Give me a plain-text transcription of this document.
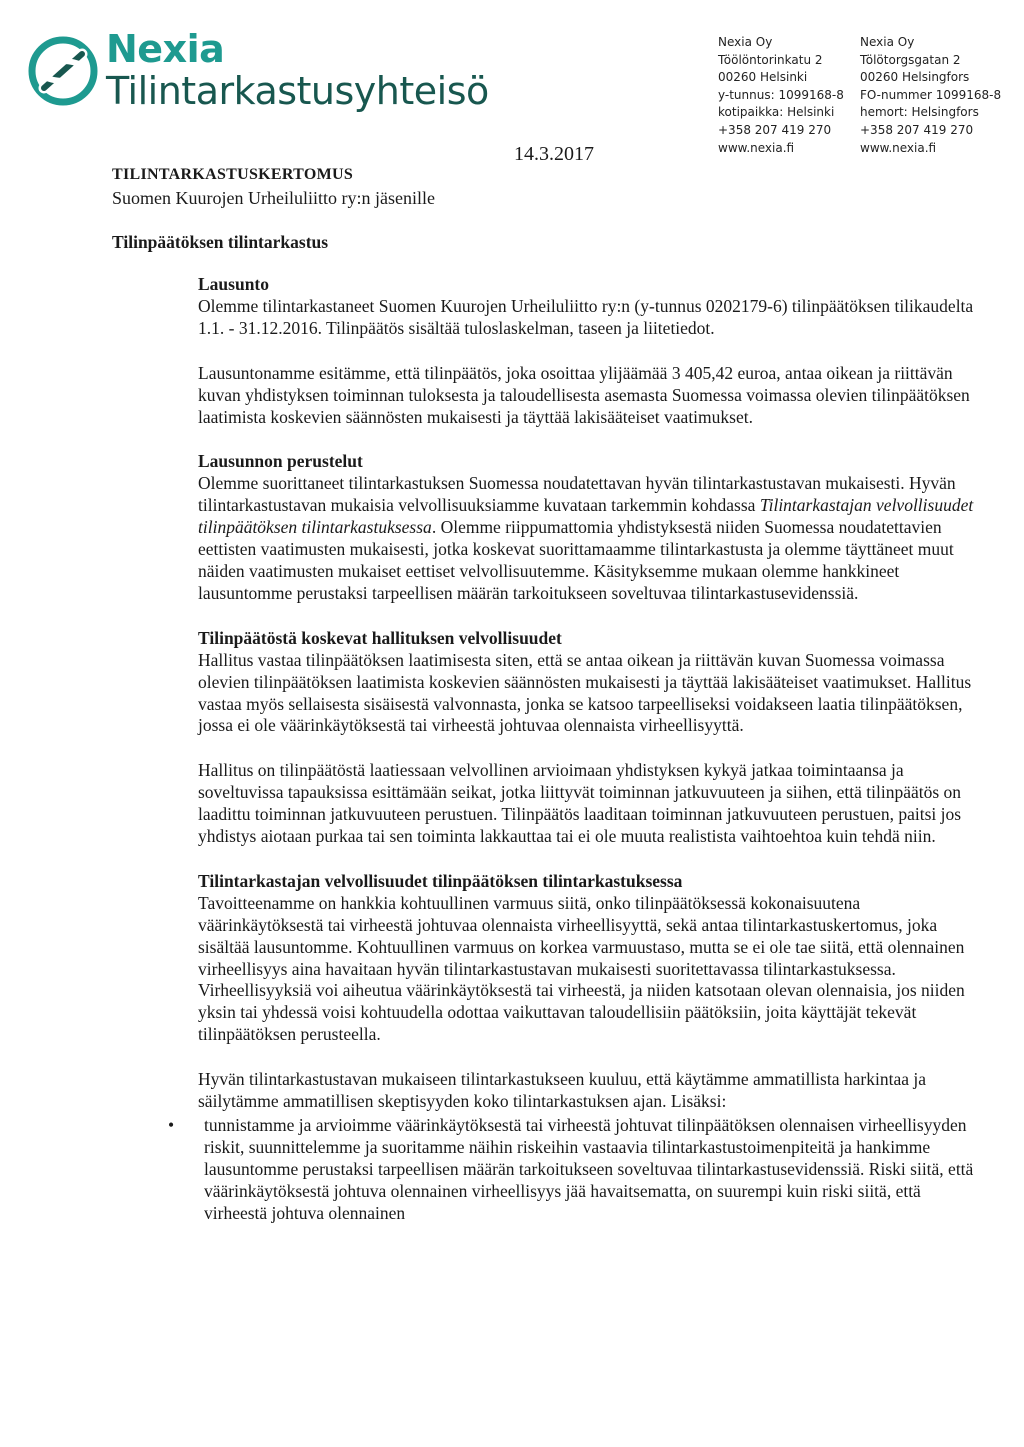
Nexia
Tilintarkastusyhteisö
Nexia Oy
Töölöntorinkatu 2
00260 Helsinki
y-tunnus: 1099168-8
kotipaikka: Helsinki
+358 207 419 270
www.nexia.fi
Nexia Oy
Tölötorgsgatan 2
00260 Helsingfors
FO-nummer 1099168-8
hemort: Helsingfors
+358 207 419 270
www.nexia.fi
14.3.2017
TILINTARKASTUSKERTOMUS
Suomen Kuurojen Urheiluliitto ry:n jäsenille
Tilinpäätöksen tilintarkastus
Lausunto

Olemme tilintarkastaneet Suomen Kuurojen Urheiluliitto ry:n (y-tunnus 0202179-6) tilinpäätöksen tilikaudelta 1.1. - 31.12.2016. Tilinpäätös sisältää tuloslaskelman, taseen ja liitetiedot.

Lausuntonamme esitämme, että tilinpäätös, joka osoittaa ylijäämää 3 405,42 euroa, antaa oikean ja riittävän kuvan yhdistyksen toiminnan tuloksesta ja taloudellisesta asemasta Suomessa voimassa olevien tilinpäätöksen laatimista koskevien säännösten mukaisesti ja täyttää lakisääteiset vaatimukset.

Lausunnon perustelut

Olemme suorittaneet tilintarkastuksen Suomessa noudatettavan hyvän tilintarkastustavan mukaisesti. Hyvän tilintarkastustavan mukaisia velvollisuuksiamme kuvataan tarkemmin kohdassa Tilintarkastajan velvollisuudet tilinpäätöksen tilintarkastuksessa. Olemme riippumattomia yhdistyksestä niiden Suomessa noudatettavien eettisten vaatimusten mukaisesti, jotka koskevat suorittamaamme tilintarkastusta ja olemme täyttäneet muut näiden vaatimusten mukaiset eettiset velvollisuutemme. Käsityksemme mukaan olemme hankkineet lausuntomme perustaksi tarpeellisen määrän tarkoitukseen soveltuvaa tilintarkastusevidenssiä.

Tilinpäätöstä koskevat hallituksen velvollisuudet

Hallitus vastaa tilinpäätöksen laatimisesta siten, että se antaa oikean ja riittävän kuvan Suomessa voimassa olevien tilinpäätöksen laatimista koskevien säännösten mukaisesti ja täyttää lakisääteiset vaatimukset. Hallitus vastaa myös sellaisesta sisäisestä valvonnasta, jonka se katsoo tarpeelliseksi voidakseen laatia tilinpäätöksen, jossa ei ole väärinkäytöksestä tai virheestä johtuvaa olennaista virheellisyyttä.

Hallitus on tilinpäätöstä laatiessaan velvollinen arvioimaan yhdistyksen kykyä jatkaa toimintaansa ja soveltuvissa tapauksissa esittämään seikat, jotka liittyvät toiminnan jatkuvuuteen ja siihen, että tilinpäätös on laadittu toiminnan jatkuvuuteen perustuen. Tilinpäätös laaditaan toiminnan jatkuvuuteen perustuen, paitsi jos yhdistys aiotaan purkaa tai sen toiminta lakkauttaa tai ei ole muuta realistista vaihtoehtoa kuin tehdä niin.

Tilintarkastajan velvollisuudet tilinpäätöksen tilintarkastuksessa

Tavoitteenamme on hankkia kohtuullinen varmuus siitä, onko tilinpäätöksessä kokonaisuutena väärinkäytöksestä tai virheestä johtuvaa olennaista virheellisyyttä, sekä antaa tilintarkastuskertomus, joka sisältää lausuntomme. Kohtuullinen varmuus on korkea varmuustaso, mutta se ei ole tae siitä, että olennainen virheellisyys aina havaitaan hyvän tilintarkastustavan mukaisesti suoritettavassa tilintarkastuksessa. Virheellisyyksiä voi aiheutua väärinkäytöksestä tai virheestä, ja niiden katsotaan olevan olennaisia, jos niiden yksin tai yhdessä voisi kohtuudella odottaa vaikuttavan taloudellisiin päätöksiin, joita käyttäjät tekevät tilinpäätöksen perusteella.

Hyvän tilintarkastustavan mukaiseen tilintarkastukseen kuuluu, että käytämme ammatillista harkintaa ja säilytämme ammatillisen skeptisyyden koko tilintarkastuksen ajan. Lisäksi:

• tunnistamme ja arvioimme väärinkäytöksestä tai virheestä johtuvat tilinpäätöksen olennaisen virheellisyyden riskit, suunnittelemme ja suoritamme näihin riskeihin vastaavia tilintarkastustoimenpiteitä ja hankimme lausuntomme perustaksi tarpeellisen määrän tarkoitukseen soveltuvaa tilintarkastusevidenssiä. Riski siitä, että väärinkäytöksestä johtuva olennainen virheellisyys jää havaitsematta, on suurempi kuin riski siitä, että virheestä johtuva olennainen
